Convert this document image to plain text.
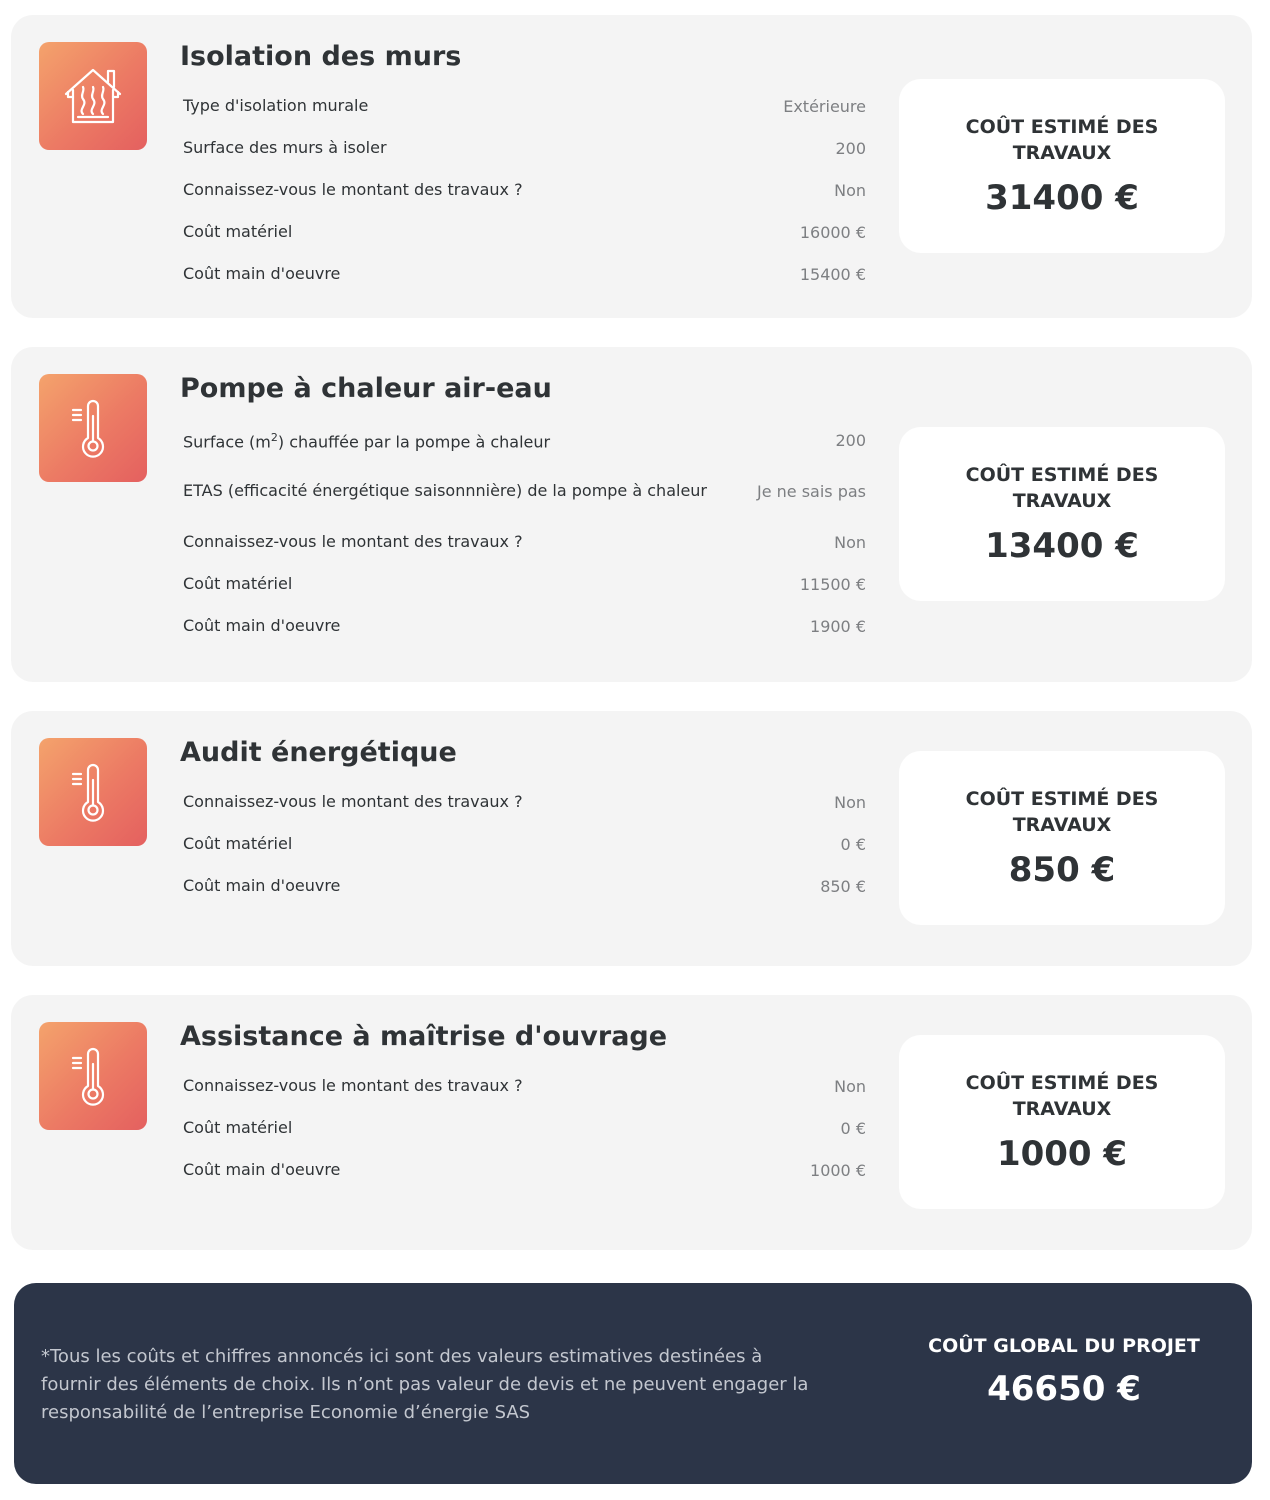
Isolation des murs
Type d'isolation murale	Extérieure
Surface des murs à isoler	200
Connaissez-vous le montant des travaux ?	Non
Coût matériel	16000 €
Coût main d'oeuvre	15400 €
COÛT ESTIMÉ DES TRAVAUX
31400 €
Pompe à chaleur air-eau
Surface $(m^2)$ chauffée par la pompe à chaleur	200
ETAS (efficacité énergétique saisonnnière) de la pompe à chaleur	Je ne sais pas
Connaissez-vous le montant des travaux ?	Non
Coût matériel	11500 €
Coût main d'oeuvre	1900 €
COÛT ESTIMÉ DES TRAVAUX
13400 €
Audit énergétique
Connaissez-vous le montant des travaux ?	Non
Coût matériel	0 €
Coût main d'oeuvre	850 €
COÛT ESTIMÉ DES TRAVAUX
850 €
Assistance à maîtrise d'ouvrage
Connaissez-vous le montant des travaux ?	Non
Coût matériel	0 €
Coût main d'oeuvre	1000 €
COÛT ESTIMÉ DES TRAVAUX
1000 €
*Tous les coûts et chiffres annoncés ici sont des valeurs estimatives destinées à fournir des éléments de choix. Ils n’ont pas valeur de devis et ne peuvent engager la responsabilité de l’entreprise Economie d’énergie SAS
COÛT GLOBAL DU PROJET
46650 €
